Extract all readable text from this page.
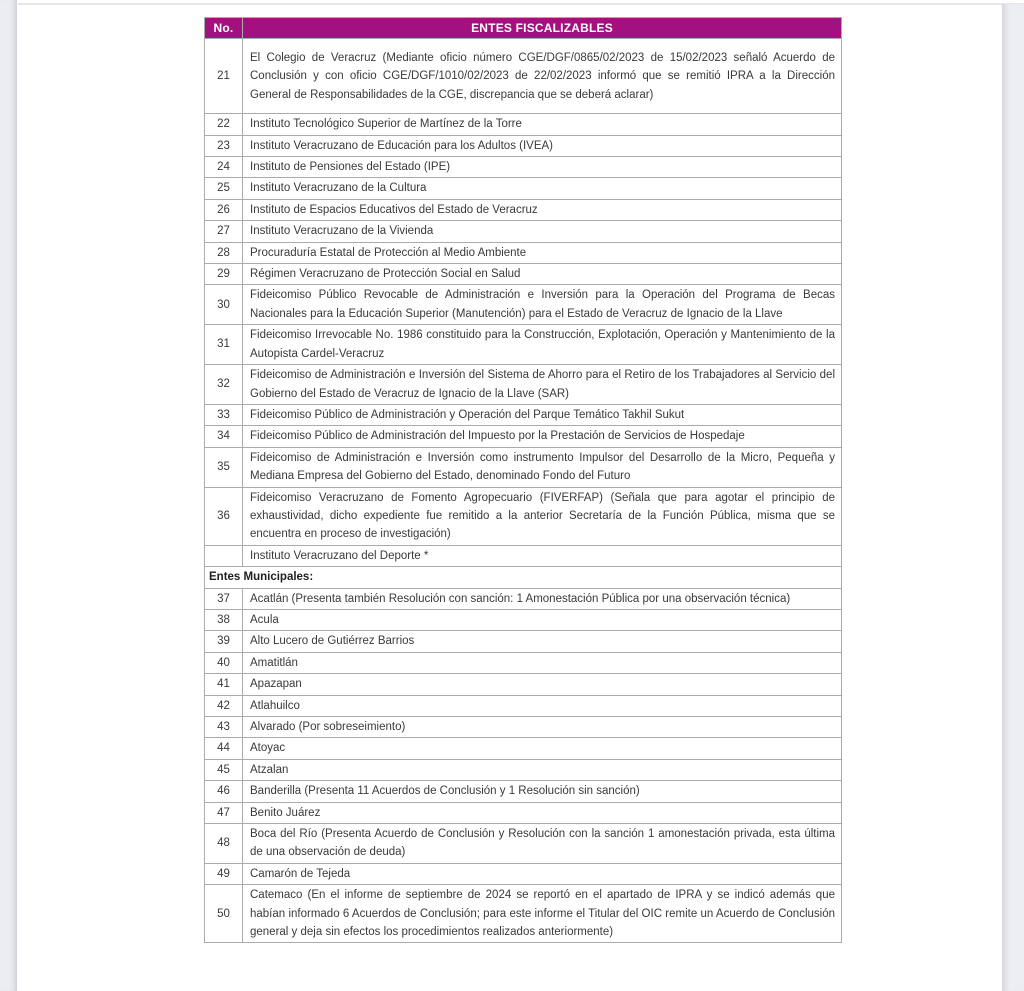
No.	ENTES FISCALIZABLES
21	El Colegio de Veracruz (Mediante oficio número CGE/DGF/0865/02/2023 de 15/02/2023 señaló Acuerdo de Conclusión y con oficio CGE/DGF/1010/02/2023 de 22/02/2023 informó que se remitió IPRA a la Dirección General de Responsabilidades de la CGE, discrepancia que se deberá aclarar)
22	Instituto Tecnológico Superior de Martínez de la Torre
23	Instituto Veracruzano de Educación para los Adultos (IVEA)
24	Instituto de Pensiones del Estado (IPE)
25	Instituto Veracruzano de la Cultura
26	Instituto de Espacios Educativos del Estado de Veracruz
27	Instituto Veracruzano de la Vivienda
28	Procuraduría Estatal de Protección al Medio Ambiente
29	Régimen Veracruzano de Protección Social en Salud
30	Fideicomiso Público Revocable de Administración e Inversión para la Operación del Programa de Becas Nacionales para la Educación Superior (Manutención) para el Estado de Veracruz de Ignacio de la Llave
31	Fideicomiso Irrevocable No. 1986 constituido para la Construcción, Explotación, Operación y Mantenimiento de la Autopista Cardel-Veracruz
32	Fideicomiso de Administración e Inversión del Sistema de Ahorro para el Retiro de los Trabajadores al Servicio del Gobierno del Estado de Veracruz de Ignacio de la Llave (SAR)
33	Fideicomiso Público de Administración y Operación del Parque Temático Takhil Sukut
34	Fideicomiso Público de Administración del Impuesto por la Prestación de Servicios de Hospedaje
35	Fideicomiso de Administración e Inversión como instrumento Impulsor del Desarrollo de la Micro, Pequeña y Mediana Empresa del Gobierno del Estado, denominado Fondo del Futuro
36	Fideicomiso Veracruzano de Fomento Agropecuario (FIVERFAP) (Señala que para agotar el principio de exhaustividad, dicho expediente fue remitido a la anterior Secretaría de la Función Pública, misma que se encuentra en proceso de investigación)
	Instituto Veracruzano del Deporte *
Entes Municipales:	
37	Acatlán (Presenta también Resolución con sanción: 1 Amonestación Pública por una observación técnica)
38	Acula
39	Alto Lucero de Gutiérrez Barrios
40	Amatitlán
41	Apazapan
42	Atlahuilco
43	Alvarado (Por sobreseimiento)
44	Atoyac
45	Atzalan
46	Banderilla (Presenta 11 Acuerdos de Conclusión y 1 Resolución sin sanción)
47	Benito Juárez
48	Boca del Río (Presenta Acuerdo de Conclusión y Resolución con la sanción 1 amonestación privada, esta última de una observación de deuda)
49	Camarón de Tejeda
50	Catemaco (En el informe de septiembre de 2024 se reportó en el apartado de IPRA y se indicó además que habían informado 6 Acuerdos de Conclusión; para este informe el Titular del OIC remite un Acuerdo de Conclusión general y deja sin efectos los procedimientos realizados anteriormente)
